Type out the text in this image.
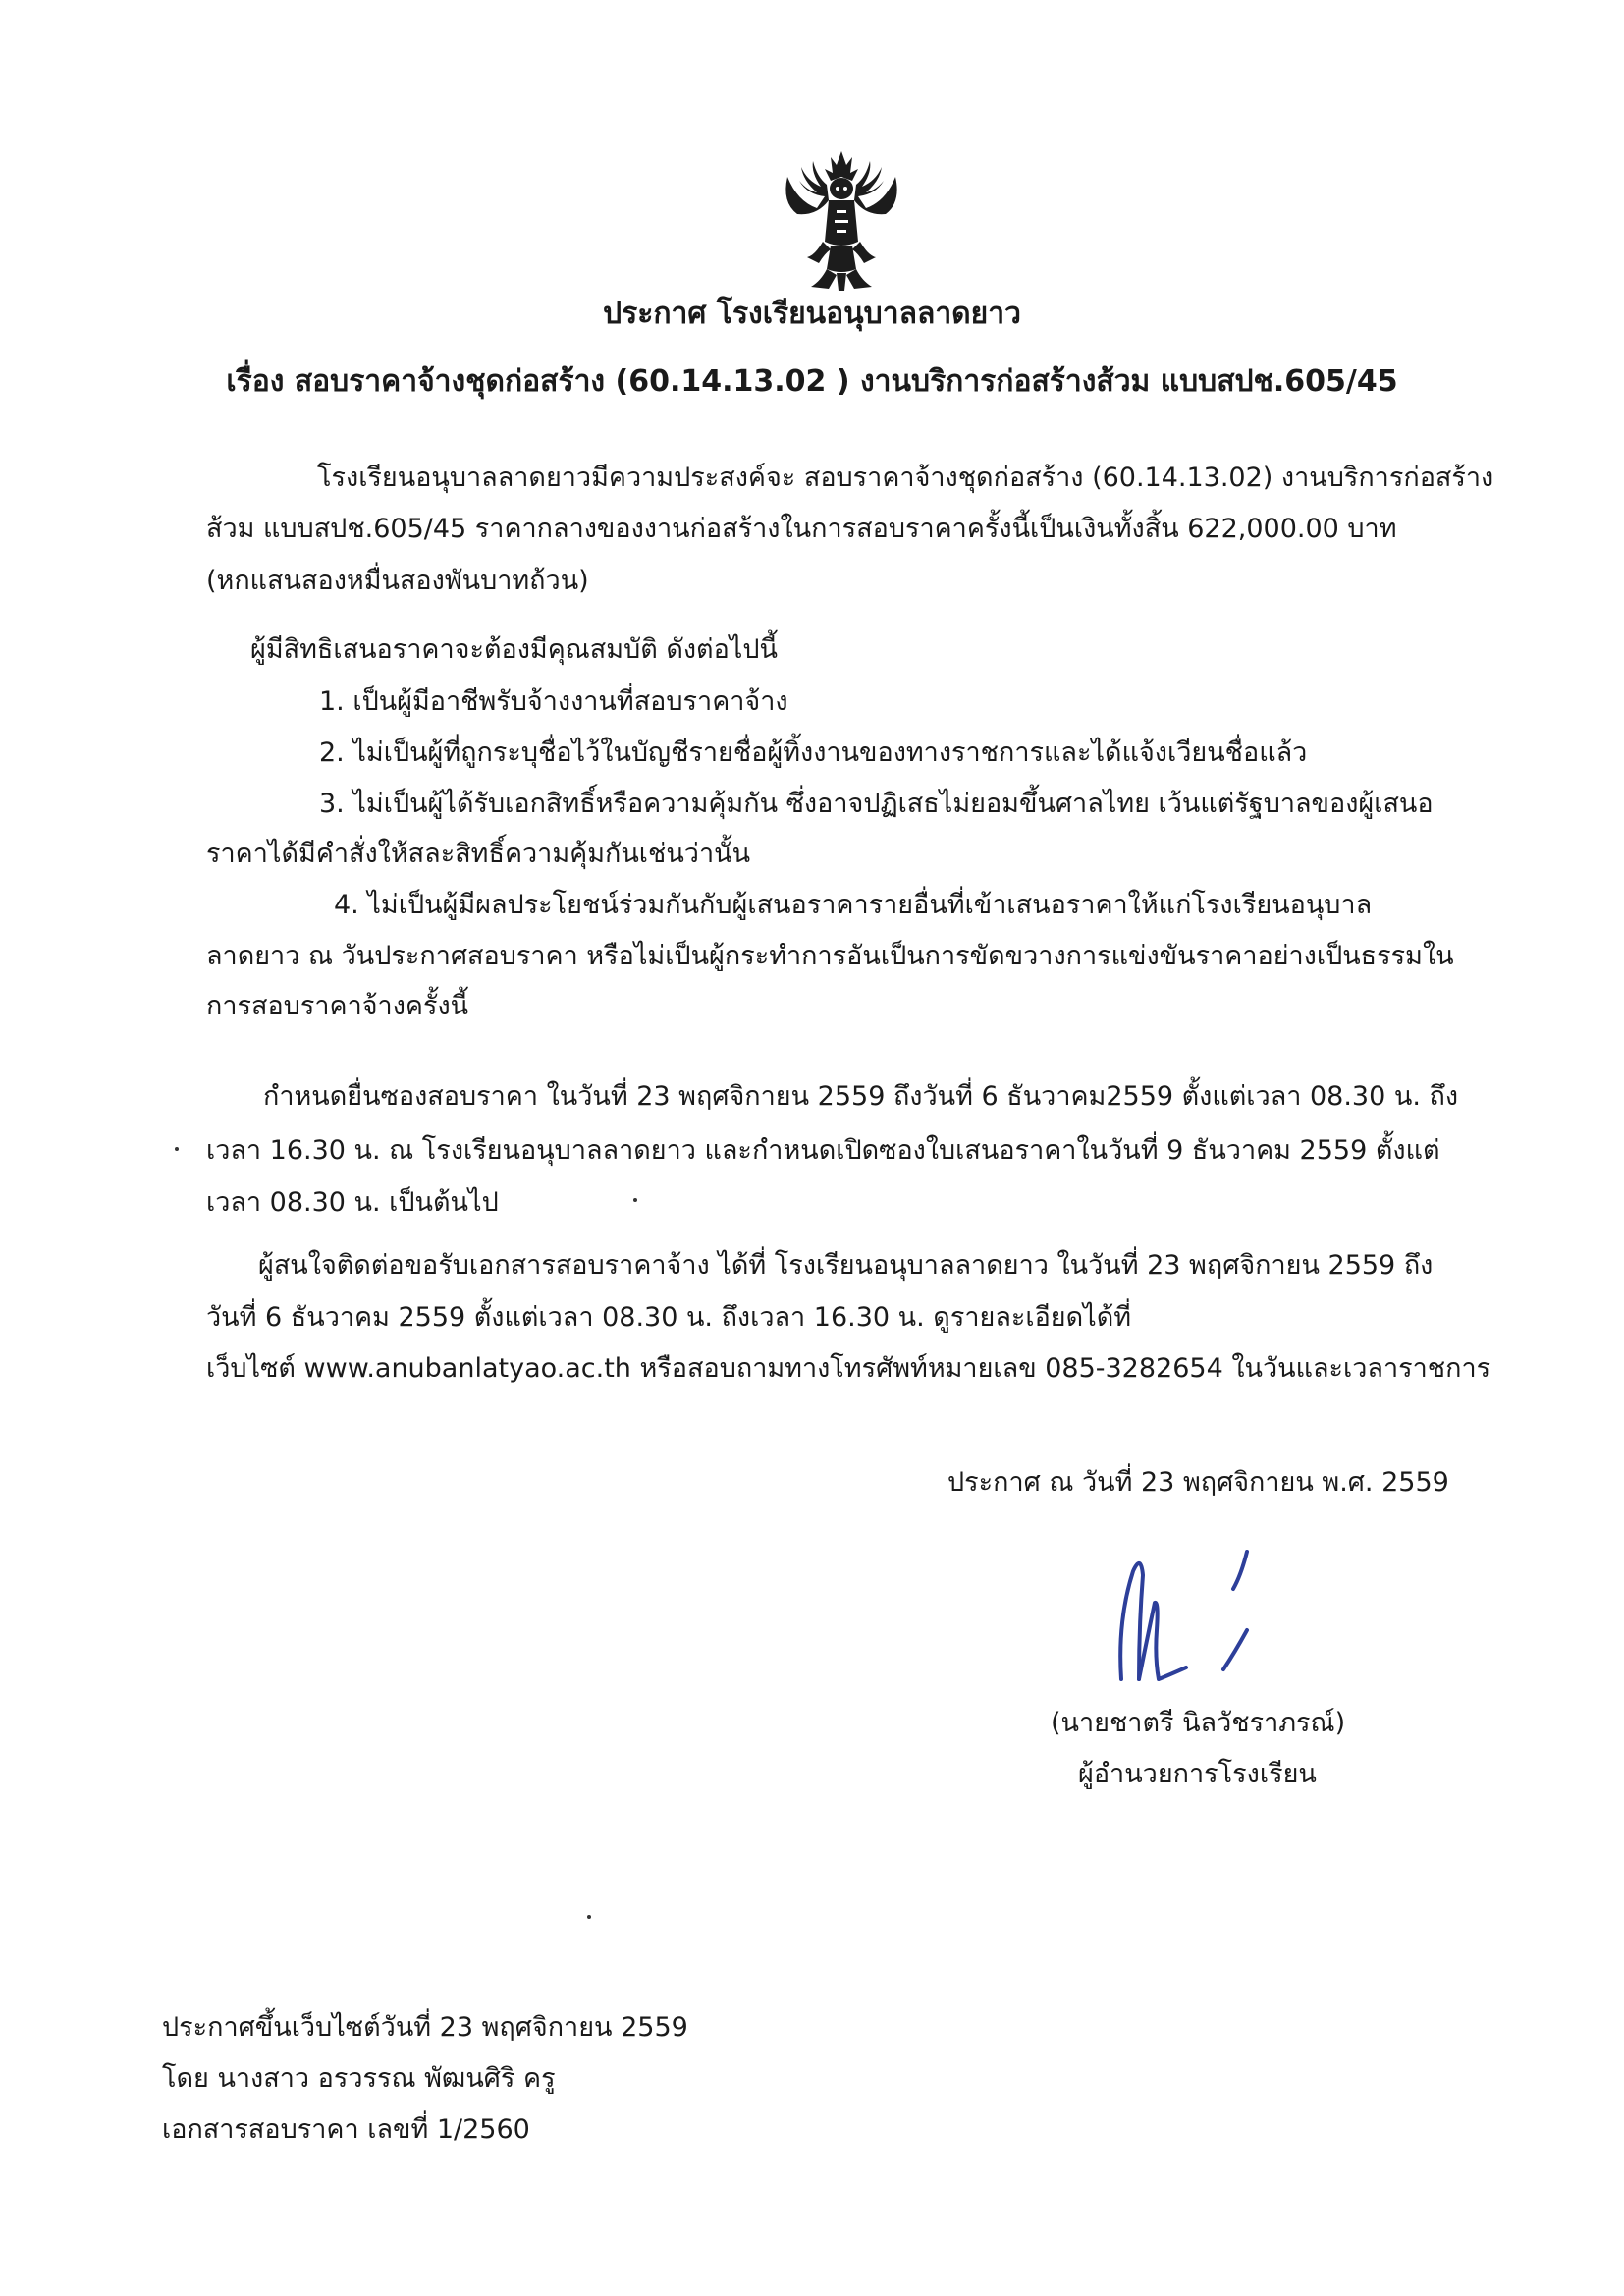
ประกาศ โรงเรียนอนุบาลลาดยาว
เรื่อง สอบราคาจ้างชุดก่อสร้าง (60.14.13.02 ) งานบริการก่อสร้างส้วม แบบสปช.605/45
โรงเรียนอนุบาลลาดยาวมีความประสงค์จะ สอบราคาจ้างชุดก่อสร้าง (60.14.13.02) งานบริการก่อสร้าง
ส้วม แบบสปช.605/45 ราคากลางของงานก่อสร้างในการสอบราคาครั้งนี้เป็นเงินทั้งสิ้น 622,000.00 บาท
(หกแสนสองหมื่นสองพันบาทถ้วน)
ผู้มีสิทธิเสนอราคาจะต้องมีคุณสมบัติ ดังต่อไปนี้
1. เป็นผู้มีอาชีพรับจ้างงานที่สอบราคาจ้าง
2. ไม่เป็นผู้ที่ถูกระบุชื่อไว้ในบัญชีรายชื่อผู้ทิ้งงานของทางราชการและได้แจ้งเวียนชื่อแล้ว
3. ไม่เป็นผู้ได้รับเอกสิทธิ์หรือความคุ้มกัน ซึ่งอาจปฏิเสธไม่ยอมขึ้นศาลไทย เว้นแต่รัฐบาลของผู้เสนอ
ราคาได้มีคำสั่งให้สละสิทธิ์ความคุ้มกันเช่นว่านั้น
4. ไม่เป็นผู้มีผลประโยชน์ร่วมกันกับผู้เสนอราคารายอื่นที่เข้าเสนอราคาให้แก่โรงเรียนอนุบาล
ลาดยาว ณ วันประกาศสอบราคา หรือไม่เป็นผู้กระทำการอันเป็นการขัดขวางการแข่งขันราคาอย่างเป็นธรรมใน
การสอบราคาจ้างครั้งนี้
กำหนดยื่นซองสอบราคา ในวันที่ 23 พฤศจิกายน 2559 ถึงวันที่ 6 ธันวาคม2559 ตั้งแต่เวลา 08.30 น. ถึง
เวลา 16.30 น. ณ โรงเรียนอนุบาลลาดยาว และกำหนดเปิดซองใบเสนอราคาในวันที่ 9 ธันวาคม 2559 ตั้งแต่
เวลา 08.30 น. เป็นต้นไป
ผู้สนใจติดต่อขอรับเอกสารสอบราคาจ้าง ได้ที่ โรงเรียนอนุบาลลาดยาว ในวันที่ 23 พฤศจิกายน 2559 ถึง
วันที่ 6 ธันวาคม 2559 ตั้งแต่เวลา 08.30 น. ถึงเวลา 16.30 น. ดูรายละเอียดได้ที่
เว็บไซต์ www.anubanlatyao.ac.th หรือสอบถามทางโทรศัพท์หมายเลข 085-3282654 ในวันและเวลาราชการ
ประกาศ ณ วันที่ 23 พฤศจิกายน พ.ศ. 2559
(นายชาตรี นิลวัชราภรณ์)
ผู้อำนวยการโรงเรียน
ประกาศขึ้นเว็บไซต์วันที่ 23 พฤศจิกายน 2559
โดย นางสาว อรวรรณ พัฒนศิริ ครู
เอกสารสอบราคา เลขที่ 1/2560
